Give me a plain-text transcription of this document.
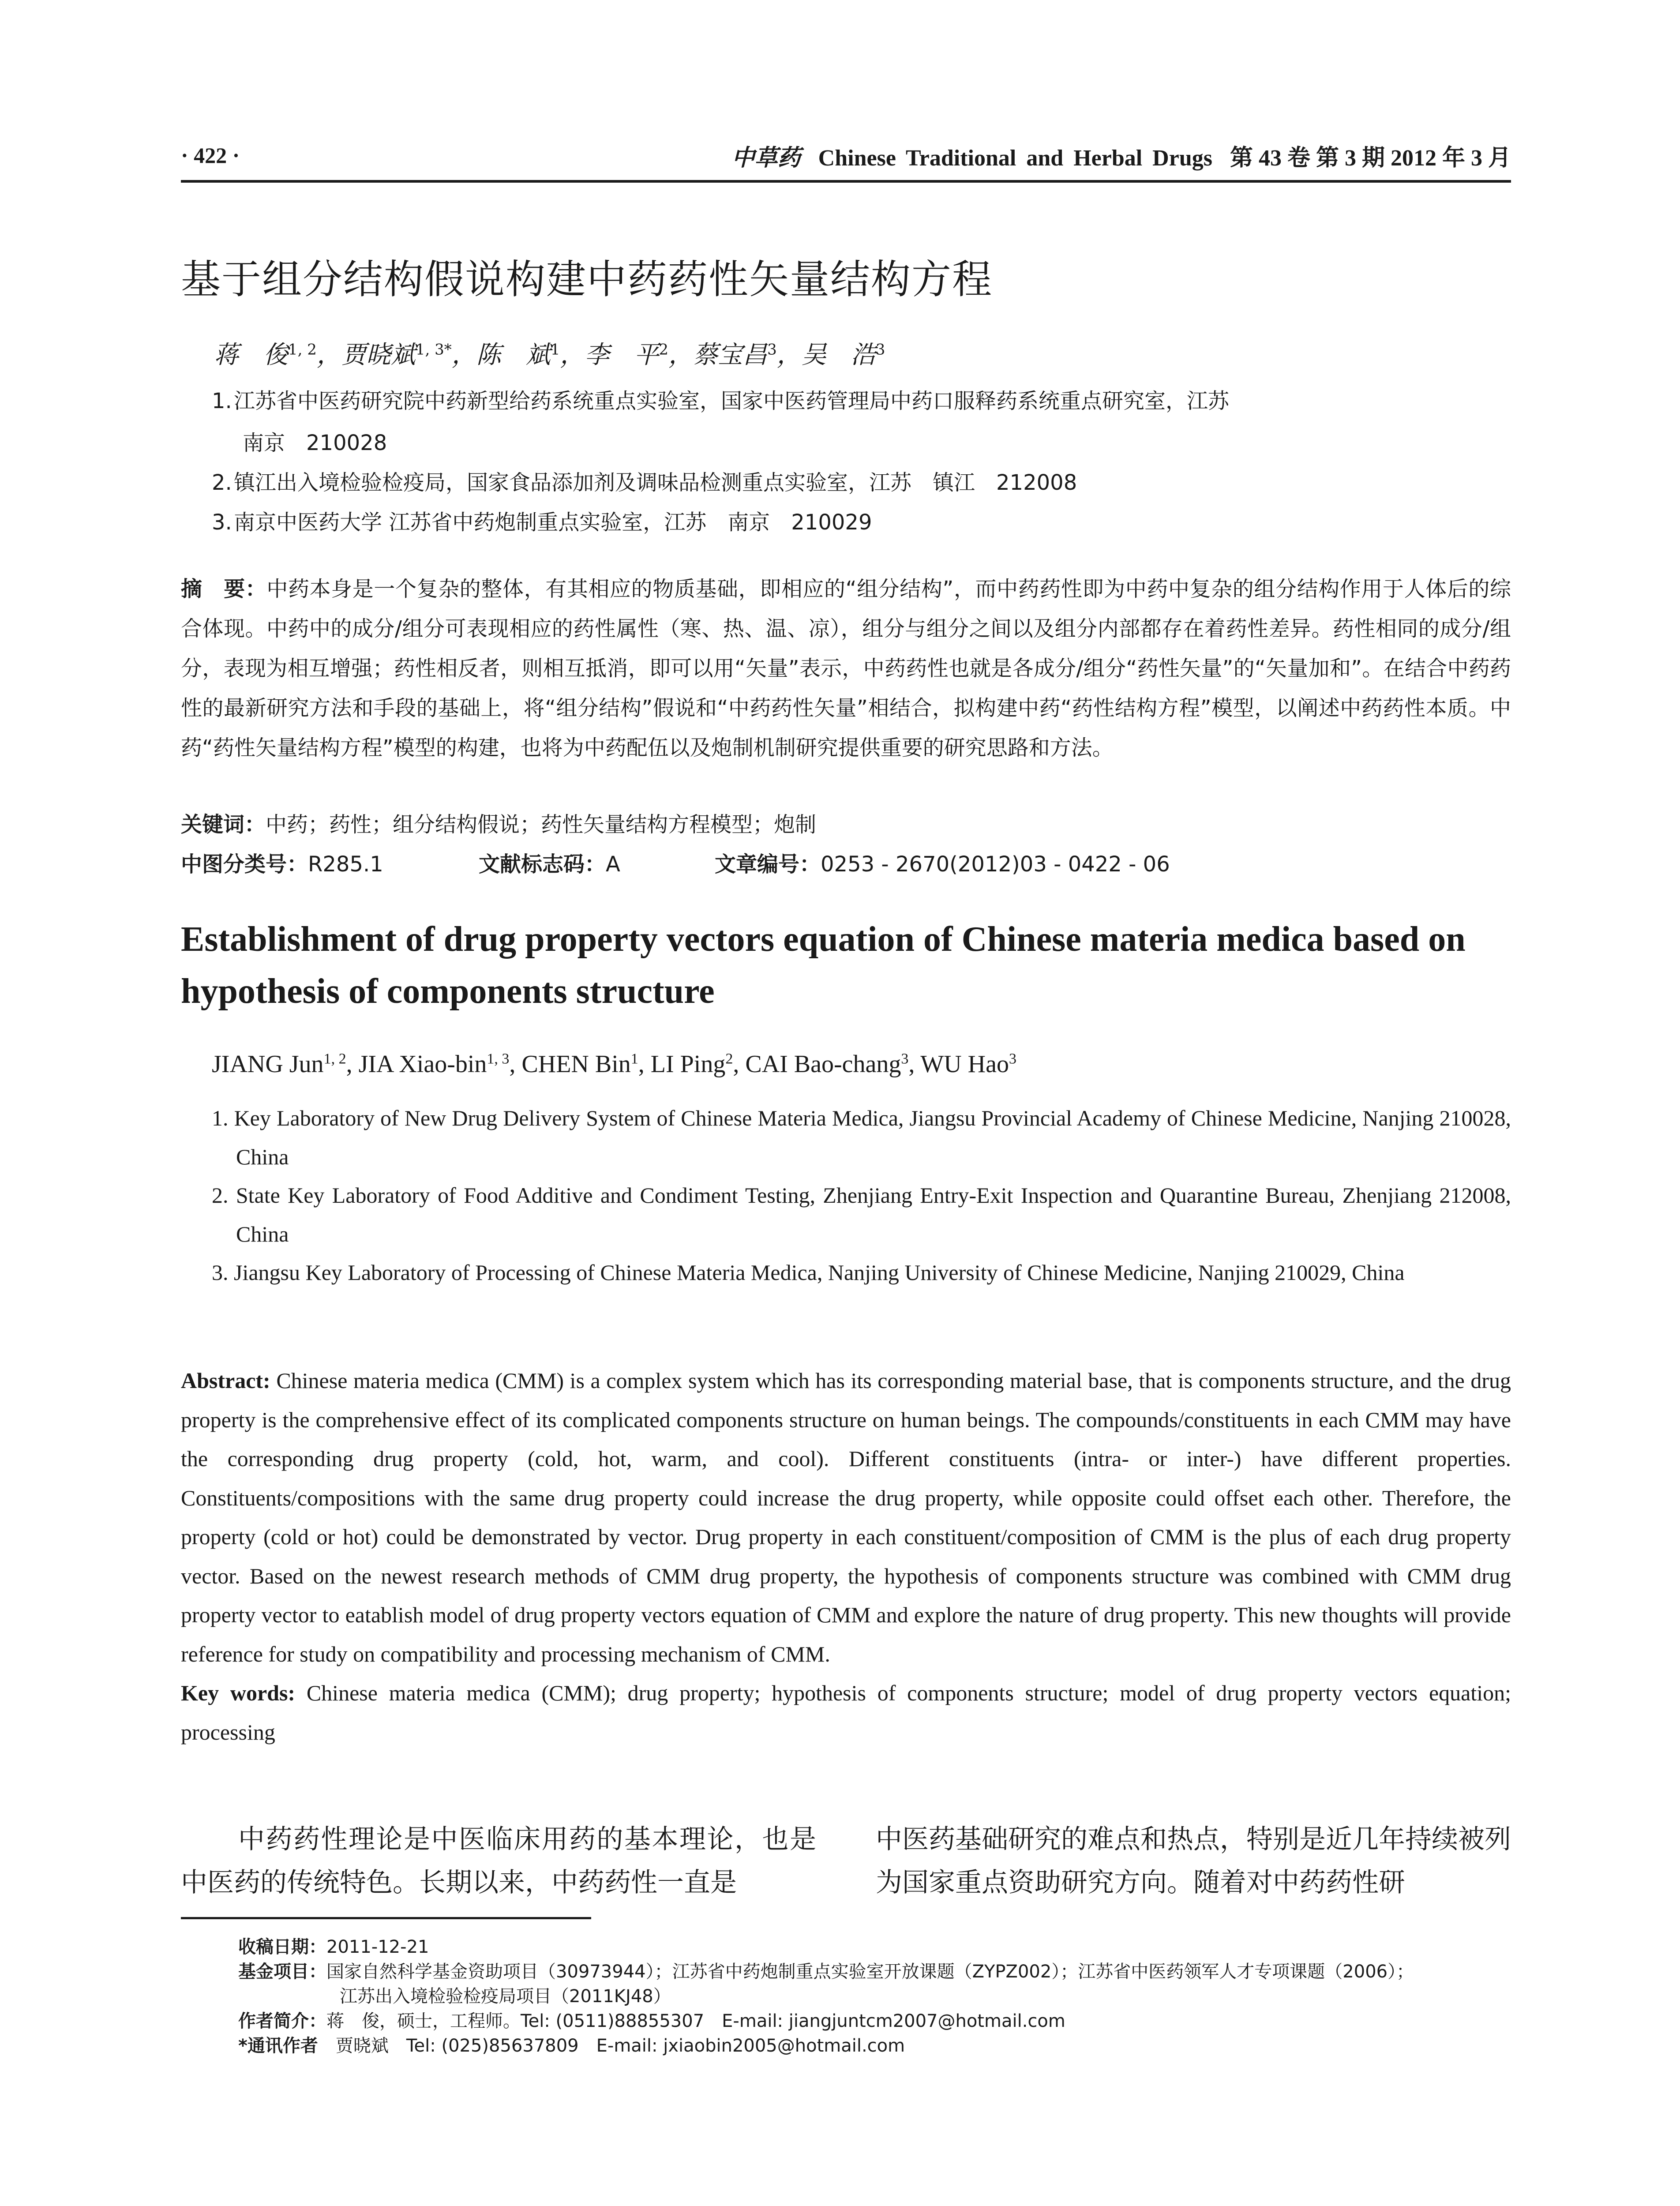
· 422 ·	中草药 Chinese Traditional and Herbal Drugs 第 43 卷 第 3 期 2012 年 3 月
基于组分结构假说构建中药药性矢量结构方程
蒋　俊$^{1, 2}$，贾晓斌$^{1, 3*}$，陈　斌$^1$，李　平$^2$，蔡宝昌$^3$，吴　浩$^3$
1.江苏省中医药研究院中药新型给药系统重点实验室，国家中医药管理局中药口服释药系统重点研究室，江苏
南京　210028
2.镇江出入境检验检疫局，国家食品添加剂及调味品检测重点实验室，江苏　镇江　212008
3.南京中医药大学 江苏省中药炮制重点实验室，江苏　南京　210029
摘　要：中药本身是一个复杂的整体，有其相应的物质基础，即相应的“组分结构”，而中药药性即为中药中复杂的组分结构作用于人体后的综合体现。中药中的成分/组分可表现相应的药性属性（寒、热、温、凉），组分与组分之间以及组分内部都存在着药性差异。药性相同的成分/组分，表现为相互增强；药性相反者，则相互抵消，即可以用“矢量”表示，中药药性也就是各成分/组分“药性矢量”的“矢量加和”。在结合中药药性的最新研究方法和手段的基础上，将“组分结构”假说和“中药药性矢量”相结合，拟构建中药“药性结构方程”模型，以阐述中药药性本质。中药“药性矢量结构方程”模型的构建，也将为中药配伍以及炮制机制研究提供重要的研究思路和方法。
关键词：中药；药性；组分结构假说；药性矢量结构方程模型；炮制
中图分类号：R285.1	文献标志码：A	文章编号：0253 - 2670(2012)03 - 0422 - 06
Establishment of drug property vectors equation of Chinese materia medica based on hypothesis of components structure
JIANG Jun$^{1, 2}$, JIA Xiao-bin$^{1, 3}$, CHEN Bin$^1$, LI Ping$^2$, CAI Bao-chang$^3$, WU Hao$^3$
1. Key Laboratory of New Drug Delivery System of Chinese Materia Medica, Jiangsu Provincial Academy of Chinese Medicine, Nanjing 210028, China
2. State Key Laboratory of Food Additive and Condiment Testing, Zhenjiang Entry-Exit Inspection and Quarantine Bureau, Zhenjiang 212008, China
3. Jiangsu Key Laboratory of Processing of Chinese Materia Medica, Nanjing University of Chinese Medicine, Nanjing 210029, China
Abstract: Chinese materia medica (CMM) is a complex system which has its corresponding material base, that is components structure, and the drug property is the comprehensive effect of its complicated components structure on human beings. The compounds/constituents in each CMM may have the corresponding drug property (cold, hot, warm, and cool). Different constituents (intra- or inter-) have different properties. Constituents/compositions with the same drug property could increase the drug property, while opposite could offset each other. Therefore, the property (cold or hot) could be demonstrated by vector. Drug property in each constituent/composition of CMM is the plus of each drug property vector. Based on the newest research methods of CMM drug property, the hypothesis of components structure was combined with CMM drug property vector to eatablish model of drug property vectors equation of CMM and explore the nature of drug property. This new thoughts will provide reference for study on compatibility and processing mechanism of CMM.
Key words: Chinese materia medica (CMM); drug property; hypothesis of components structure; model of drug property vectors equation; processing
中药药性理论是中医临床用药的基本理论，也是中医药的传统特色。长期以来，中药药性一直是
中医药基础研究的难点和热点，特别是近几年持续被列为国家重点资助研究方向。随着对中药药性研
收稿日期：2011-12-21
基金项目：国家自然科学基金资助项目（30973944）；江苏省中药炮制重点实验室开放课题（ZYPZ002）；江苏省中医药领军人才专项课题（2006）；
江苏出入境检验检疫局项目（2011KJ48）
作者简介：蒋　俊，硕士，工程师。Tel: (0511)88855307　E-mail: jiangjuntcm2007@hotmail.com
*通讯作者　 贾晓斌　Tel: (025)85637809　E-mail: jxiaobin2005@hotmail.com
